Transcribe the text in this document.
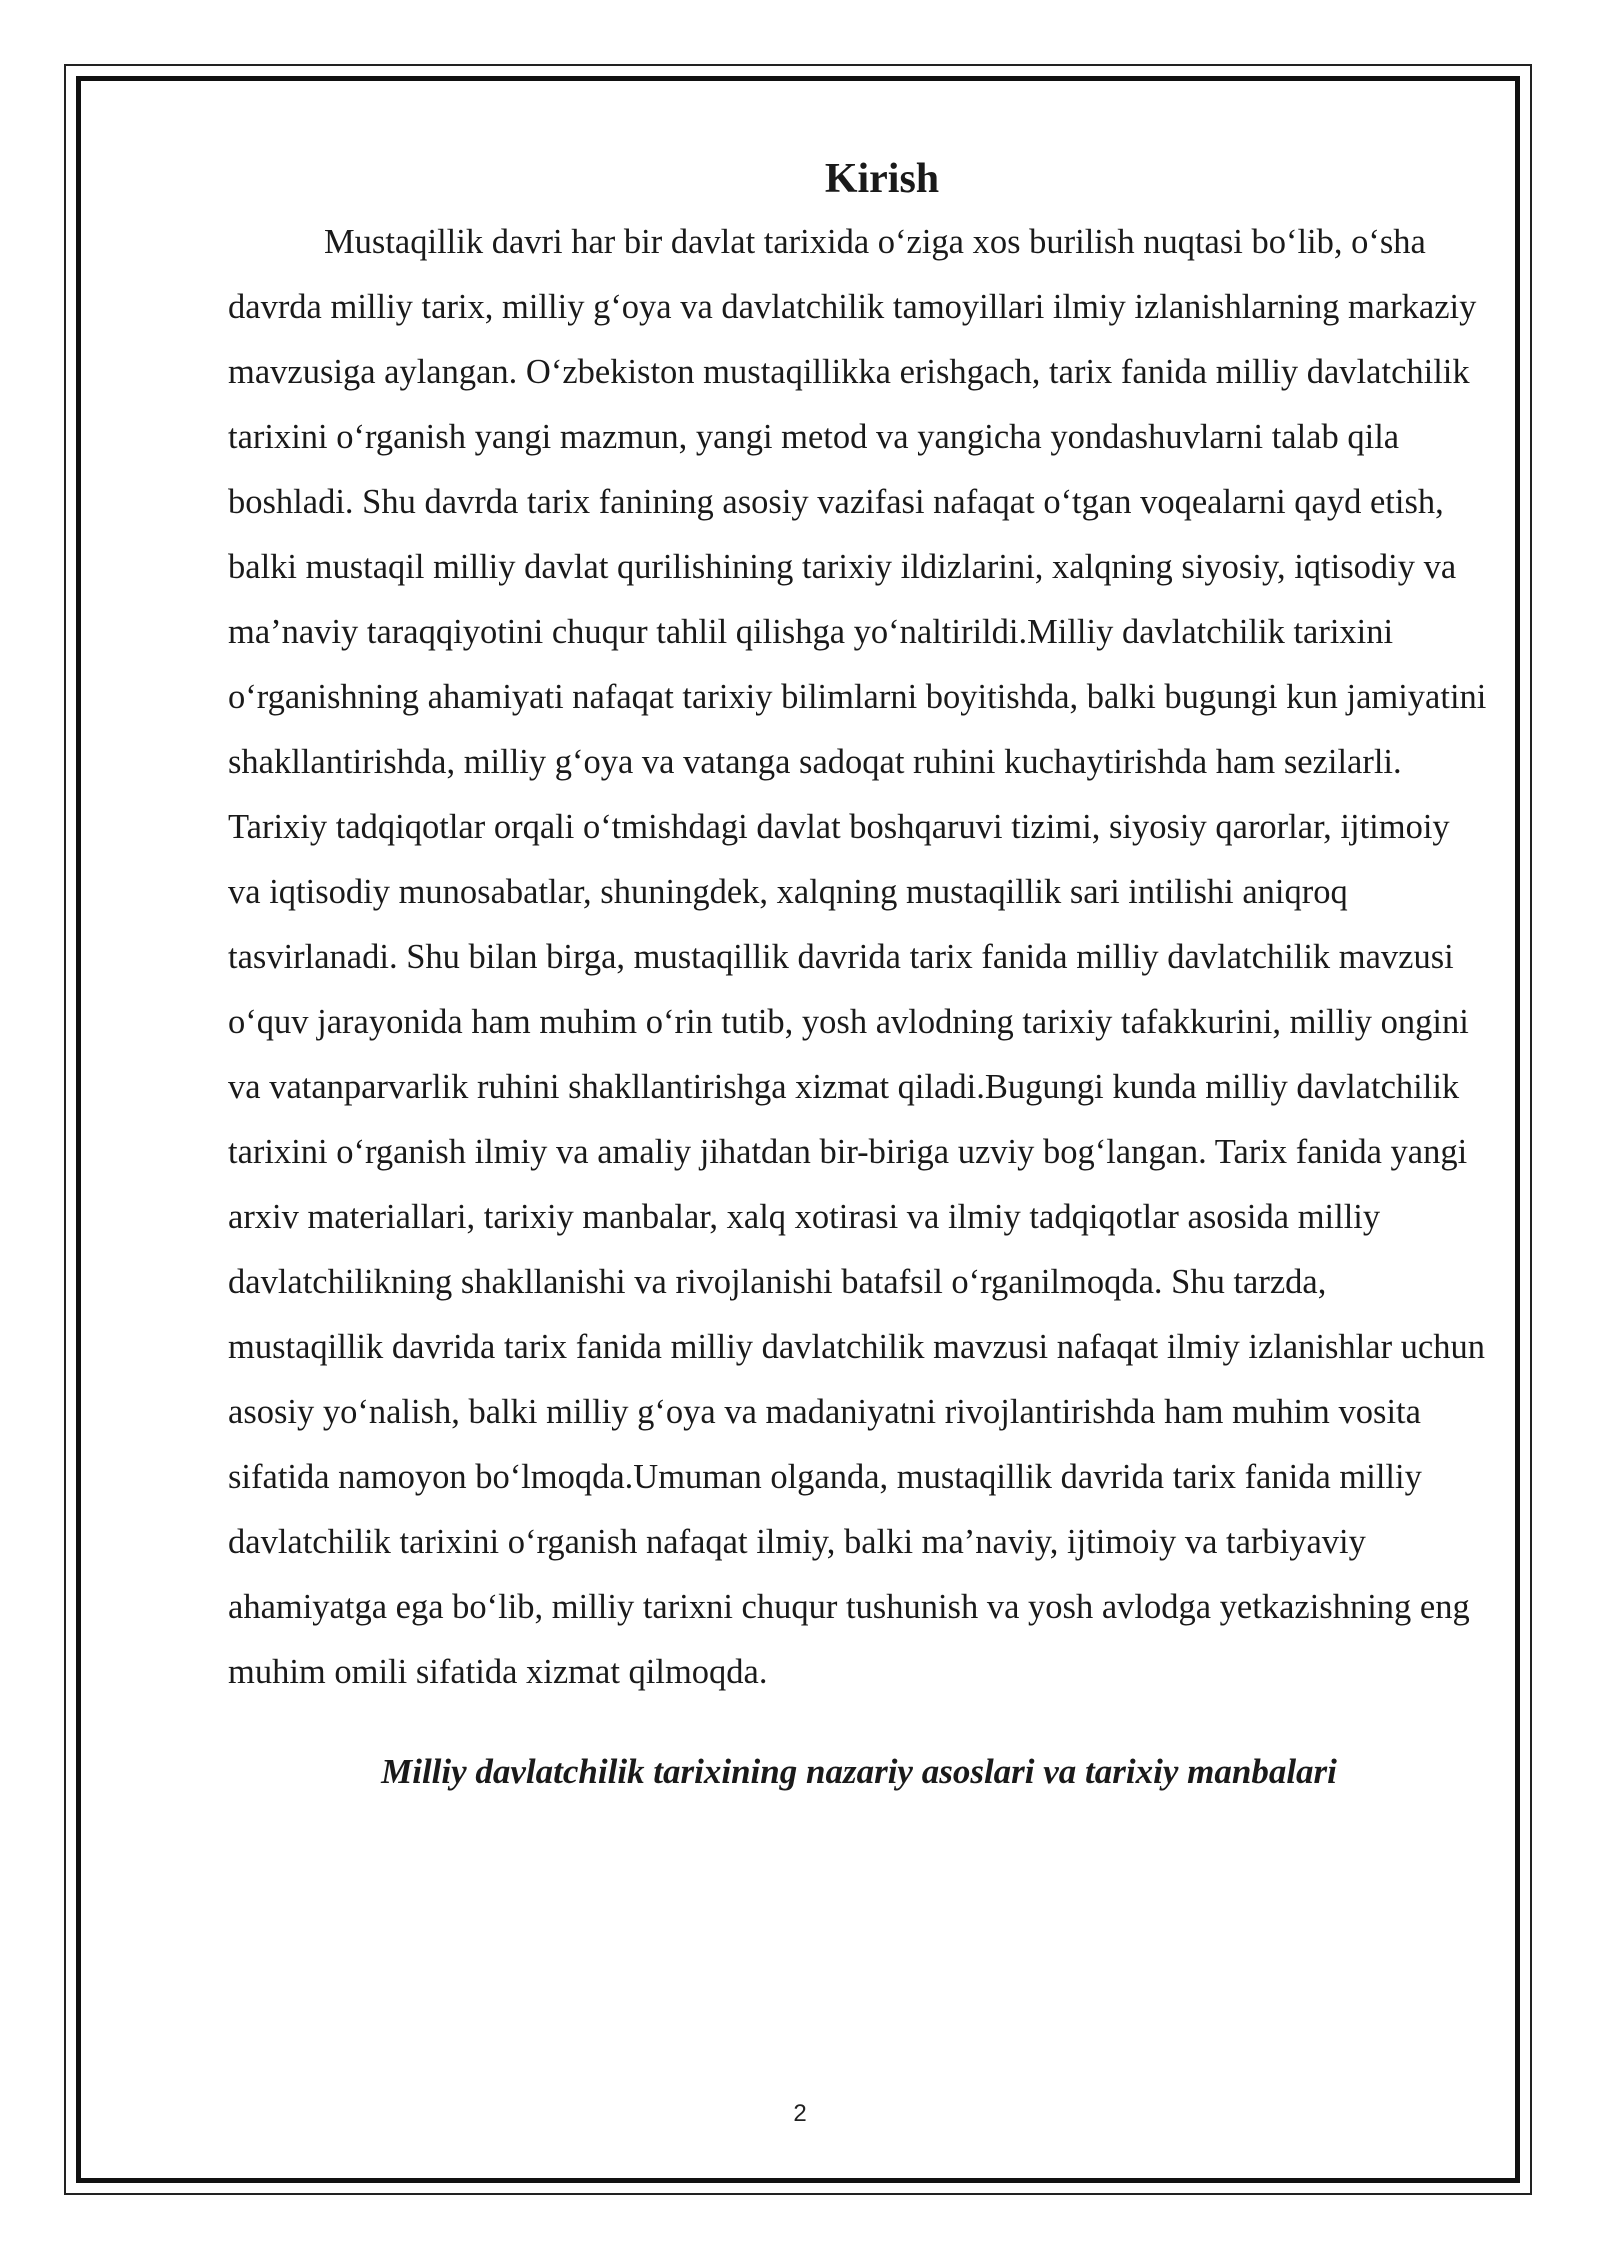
Kirish

Mustaqillik davri har bir davlat tarixida o‘ziga xos burilish nuqtasi bo‘lib, o‘sha davrda milliy tarix, milliy g‘oya va davlatchilik tamoyillari ilmiy izlanishlarning markaziy mavzusiga aylangan. O‘zbekiston mustaqillikka erishgach, tarix fanida milliy davlatchilik tarixini o‘rganish yangi mazmun, yangi metod va yangicha yondashuvlarni talab qila boshladi. Shu davrda tarix fanining asosiy vazifasi nafaqat o‘tgan voqealarni qayd etish, balki mustaqil milliy davlat qurilishining tarixiy ildizlarini, xalqning siyosiy, iqtisodiy va ma’naviy taraqqiyotini chuqur tahlil qilishga yo‘naltirildi.Milliy davlatchilik tarixini o‘rganishning ahamiyati nafaqat tarixiy bilimlarni boyitishda, balki bugungi kun jamiyatini shakllantirishda, milliy g‘oya va vatanga sadoqat ruhini kuchaytirishda ham sezilarli. Tarixiy tadqiqotlar orqali o‘tmishdagi davlat boshqaruvi tizimi, siyosiy qarorlar, ijtimoiy va iqtisodiy munosabatlar, shuningdek, xalqning mustaqillik sari intilishi aniqroq tasvirlanadi. Shu bilan birga, mustaqillik davrida tarix fanida milliy davlatchilik mavzusi o‘quv jarayonida ham muhim o‘rin tutib, yosh avlodning tarixiy tafakkurini, milliy ongini va vatanparvarlik ruhini shakllantirishga xizmat qiladi.Bugungi kunda milliy davlatchilik tarixini o‘rganish ilmiy va amaliy jihatdan bir-biriga uzviy bog‘langan. Tarix fanida yangi arxiv materiallari, tarixiy manbalar, xalq xotirasi va ilmiy tadqiqotlar asosida milliy davlatchilikning shakllanishi va rivojlanishi batafsil o‘rganilmoqda. Shu tarzda, mustaqillik davrida tarix fanida milliy davlatchilik mavzusi nafaqat ilmiy izlanishlar uchun asosiy yo‘nalish, balki milliy g‘oya va madaniyatni rivojlantirishda ham muhim vosita sifatida namoyon bo‘lmoqda.Umuman olganda, mustaqillik davrida tarix fanida milliy davlatchilik tarixini o‘rganish nafaqat ilmiy, balki ma’naviy, ijtimoiy va tarbiyaviy ahamiyatga ega bo‘lib, milliy tarixni chuqur tushunish va yosh avlodga yetkazishning eng muhim omili sifatida xizmat qilmoqda.

Milliy davlatchilik tarixining nazariy asoslari va tarixiy manbalari

2
